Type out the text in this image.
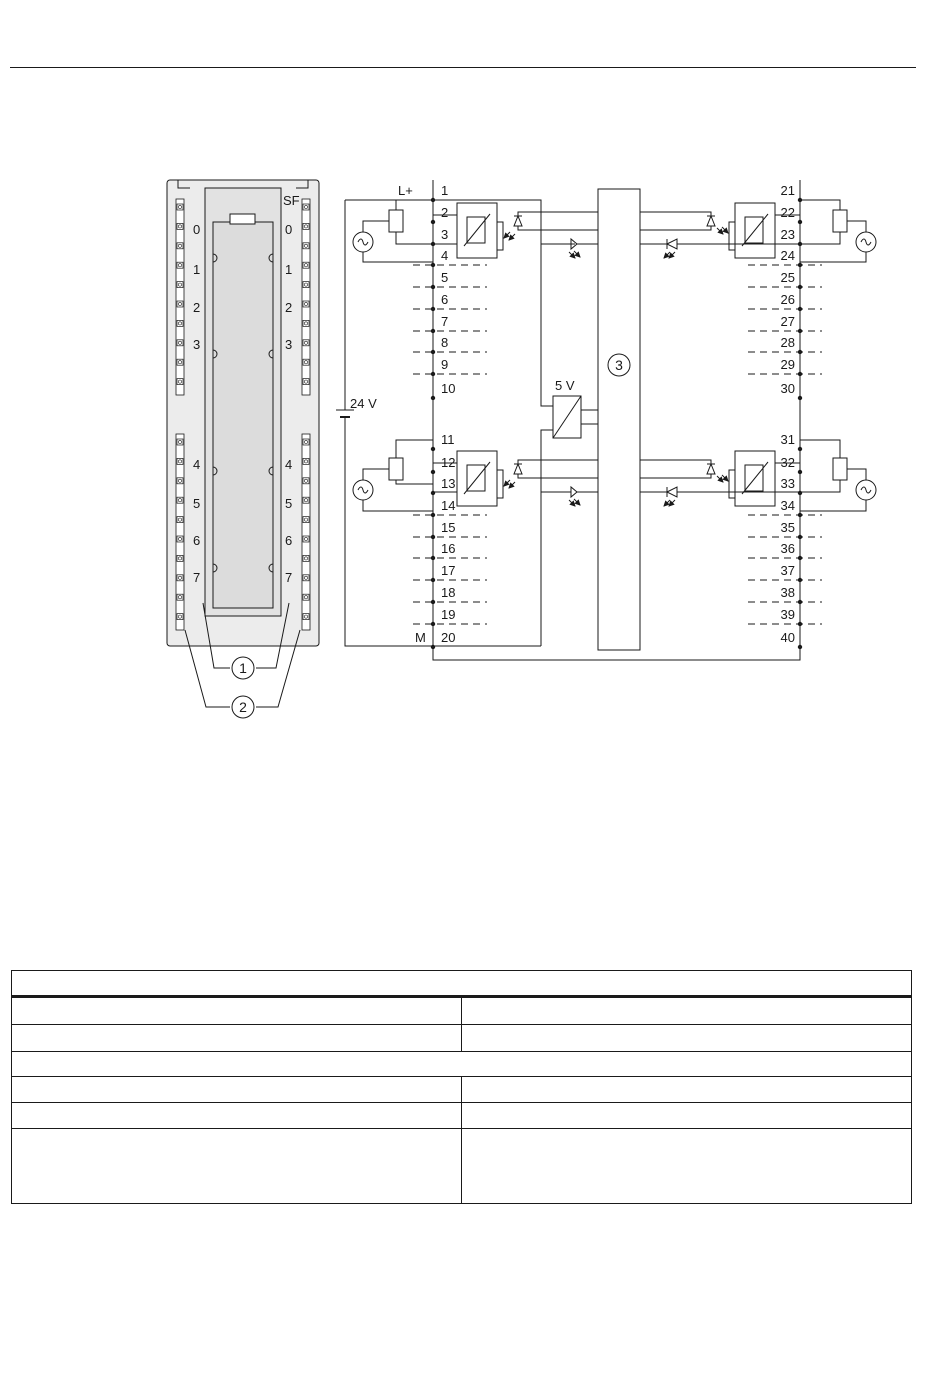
0	0
1	1
2	2
3	3
4	4
5	5
6	6
7	7
SF
1
2
3
L+
M
24 V
5 V
1	21
2	22
3	23
4	24
5	25
6	26
7	27
8	28
9	29
10	30
11	31
12	32
13	33
14	34
15	35
16	36
17	37
18	38
19	39
20	40
